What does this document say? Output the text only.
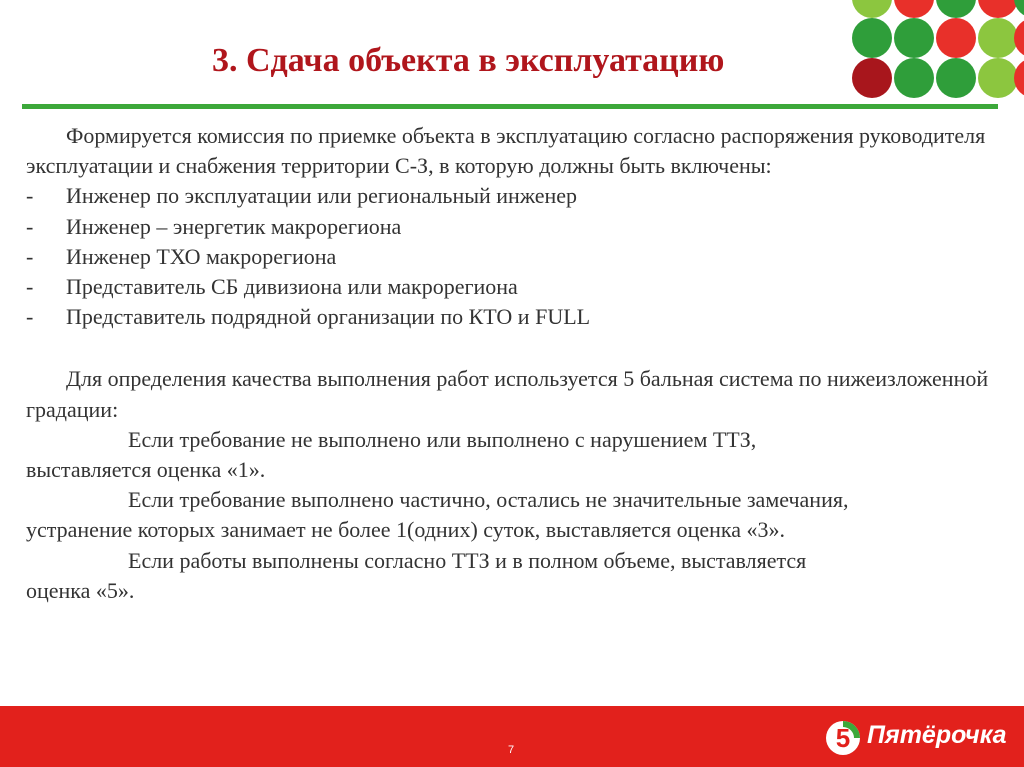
3. Сдача объекта в эксплуатацию

Формируется комиссия по приемке объекта в эксплуатацию согласно распоряжения руководителя эксплуатации и снабжения территории С-З, в которую должны быть включены:

-	Инженер по эксплуатации или региональный инженер

-	Инженер – энергетик макрорегиона

-	Инженер ТХО макрорегиона

-	Представитель СБ дивизиона или макрорегиона

-	Представитель подрядной организации по КТО и FULL

Для определения качества выполнения работ используется 5 бальная система по нижеизложенной градации:

Если требование не выполнено или выполнено с нарушением ТТЗ,

выставляется оценка «1».

Если требование выполнено частично, остались не значительные замечания,

устранение которых занимает не более 1(одних) суток, выставляется оценка «3».

Если работы выполнены согласно ТТЗ и в полном объеме, выставляется

оценка «5».

7	5 Пятёрочка
